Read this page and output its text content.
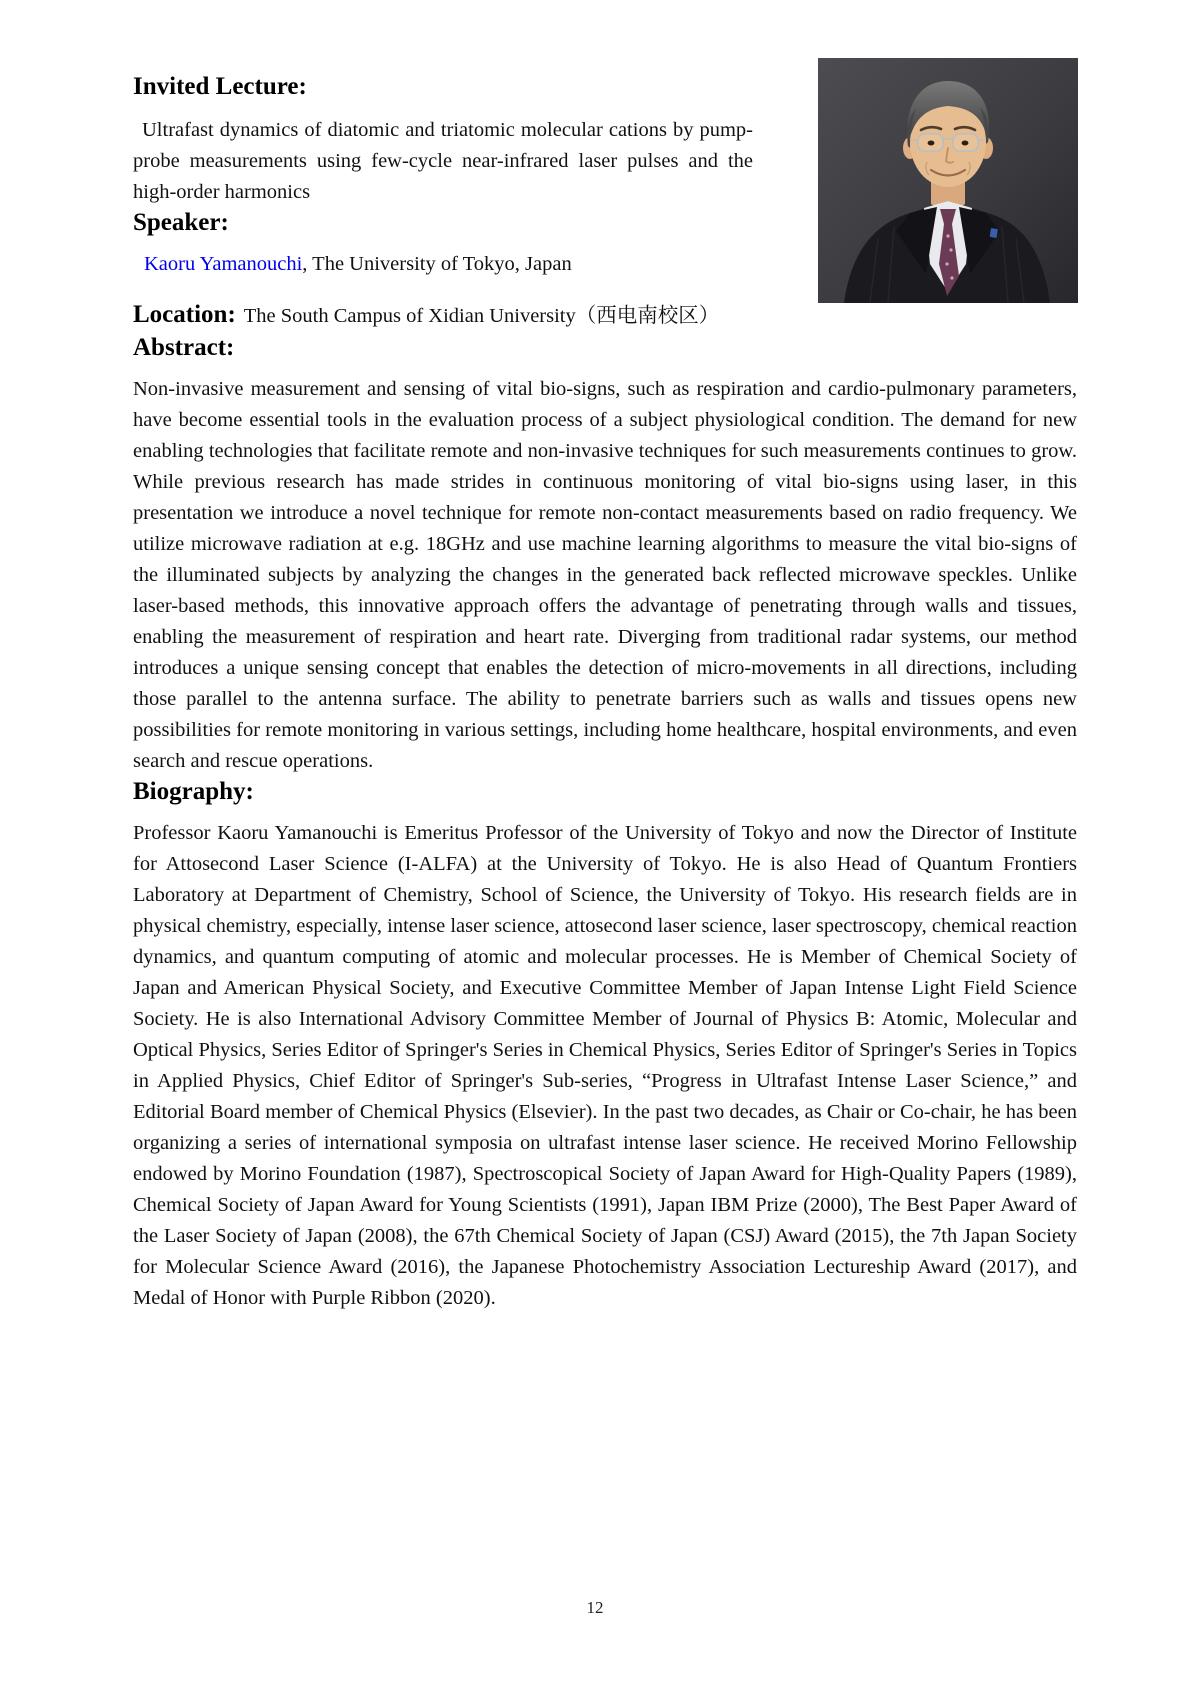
Invited Lecture:

Ultrafast dynamics of diatomic and triatomic molecular cations by pump-probe measurements using few-cycle near-infrared laser pulses and the high-order harmonics

Speaker:

Kaoru Yamanouchi, The University of Tokyo, Japan

Location: The South Campus of Xidian University（西电南校区）

Abstract:

Non-invasive measurement and sensing of vital bio-signs, such as respiration and cardio-pulmonary parameters, have become essential tools in the evaluation process of a subject physiological condition. The demand for new enabling technologies that facilitate remote and non-invasive techniques for such measurements continues to grow. While previous research has made strides in continuous monitoring of vital bio-signs using laser, in this presentation we introduce a novel technique for remote non-contact measurements based on radio frequency. We utilize microwave radiation at e.g. 18GHz and use machine learning algorithms to measure the vital bio-signs of the illuminated subjects by analyzing the changes in the generated back reflected microwave speckles. Unlike laser-based methods, this innovative approach offers the advantage of penetrating through walls and tissues, enabling the measurement of respiration and heart rate. Diverging from traditional radar systems, our method introduces a unique sensing concept that enables the detection of micro-movements in all directions, including those parallel to the antenna surface. The ability to penetrate barriers such as walls and tissues opens new possibilities for remote monitoring in various settings, including home healthcare, hospital environments, and even search and rescue operations.

Biography:

Professor Kaoru Yamanouchi is Emeritus Professor of the University of Tokyo and now the Director of Institute for Attosecond Laser Science (I-ALFA) at the University of Tokyo. He is also Head of Quantum Frontiers Laboratory at Department of Chemistry, School of Science, the University of Tokyo. His research fields are in physical chemistry, especially, intense laser science, attosecond laser science, laser spectroscopy, chemical reaction dynamics, and quantum computing of atomic and molecular processes. He is Member of Chemical Society of Japan and American Physical Society, and Executive Committee Member of Japan Intense Light Field Science Society. He is also International Advisory Committee Member of Journal of Physics B: Atomic, Molecular and Optical Physics, Series Editor of Springer's Series in Chemical Physics, Series Editor of Springer's Series in Topics in Applied Physics, Chief Editor of Springer's Sub-series, “Progress in Ultrafast Intense Laser Science,” and Editorial Board member of Chemical Physics (Elsevier). In the past two decades, as Chair or Co-chair, he has been organizing a series of international symposia on ultrafast intense laser science. He received Morino Fellowship endowed by Morino Foundation (1987), Spectroscopical Society of Japan Award for High-Quality Papers (1989), Chemical Society of Japan Award for Young Scientists (1991), Japan IBM Prize (2000), The Best Paper Award of the Laser Society of Japan (2008), the 67th Chemical Society of Japan (CSJ) Award (2015), the 7th Japan Society for Molecular Science Award (2016), the Japanese Photochemistry Association Lectureship Award (2017), and Medal of Honor with Purple Ribbon (2020).

12
